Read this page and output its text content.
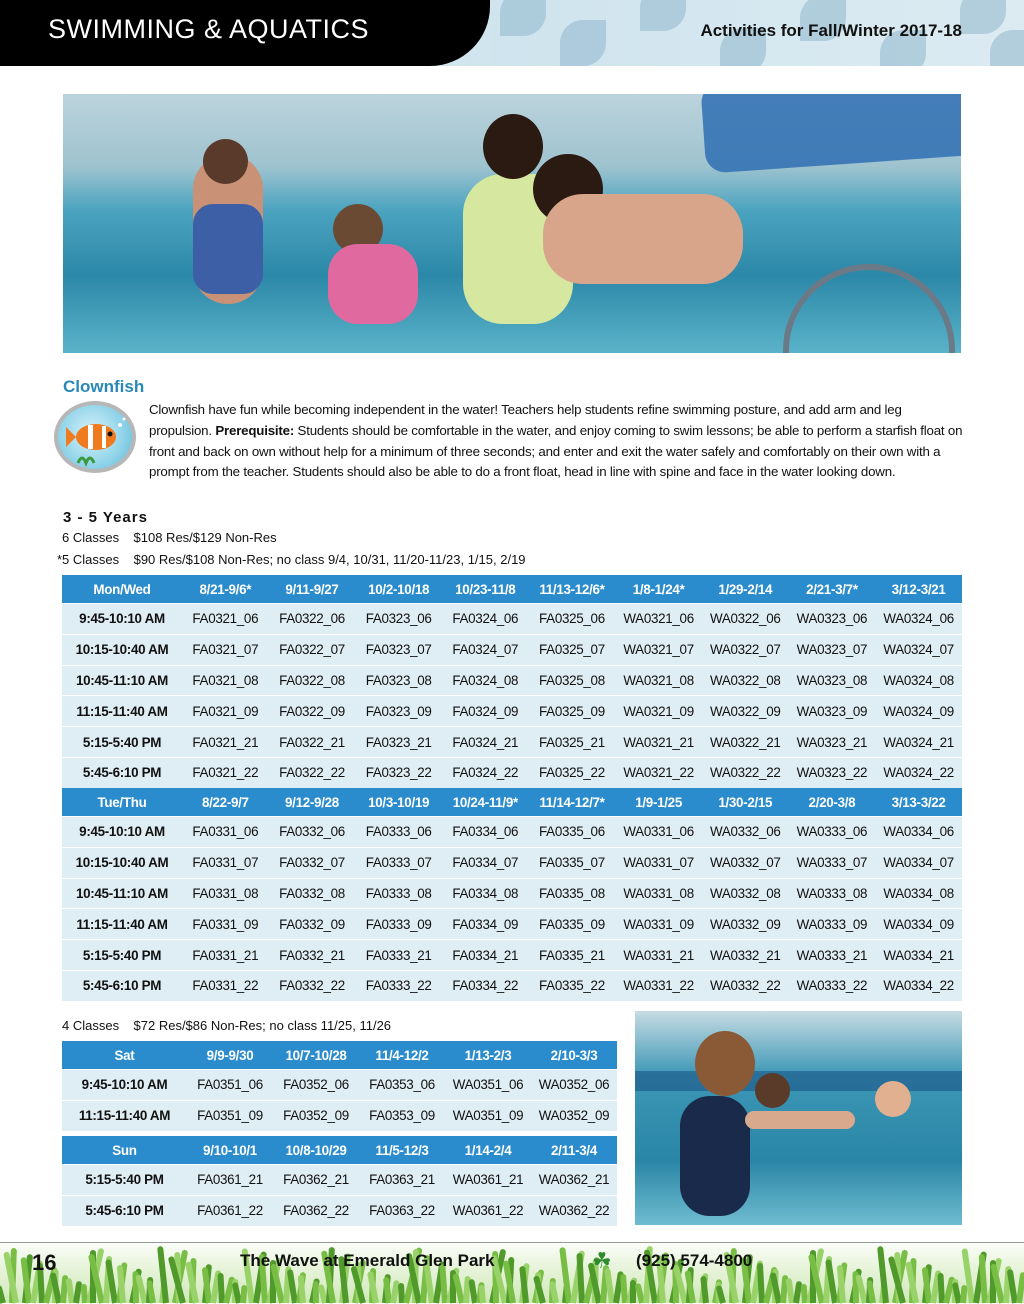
SWIMMING & AQUATICS	Activities for Fall/Winter 2017-18
Clownfish
Clownfish have fun while becoming independent in the water! Teachers help students refine swimming posture, and add arm and leg propulsion. Prerequisite: Students should be comfortable in the water, and enjoy coming to swim lessons; be able to perform a starfish float on front and back on own without help for a minimum of three seconds; and enter and exit the water safely and comfortably on their own with a prompt from the teacher. Students should also be able to do a front float, head in line with spine and face in the water looking down.
3 - 5 Years
6 Classes    $108 Res/$129 Non-Res
*5 Classes    $90 Res/$108 Non-Res; no class 9/4, 10/31, 11/20-11/23, 1/15, 2/19
4 Classes    $72 Res/$86 Non-Res; no class 11/25, 11/26
Mon/Wed	8/21-9/6*	9/11-9/27	10/2-10/18	10/23-11/8	11/13-12/6*	1/8-1/24*	1/29-2/14	2/21-3/7*	3/12-3/21
9:45-10:10 AM	FA0321_06	FA0322_06	FA0323_06	FA0324_06	FA0325_06	WA0321_06	WA0322_06	WA0323_06	WA0324_06
10:15-10:40 AM	FA0321_07	FA0322_07	FA0323_07	FA0324_07	FA0325_07	WA0321_07	WA0322_07	WA0323_07	WA0324_07
10:45-11:10 AM	FA0321_08	FA0322_08	FA0323_08	FA0324_08	FA0325_08	WA0321_08	WA0322_08	WA0323_08	WA0324_08
11:15-11:40 AM	FA0321_09	FA0322_09	FA0323_09	FA0324_09	FA0325_09	WA0321_09	WA0322_09	WA0323_09	WA0324_09
5:15-5:40 PM	FA0321_21	FA0322_21	FA0323_21	FA0324_21	FA0325_21	WA0321_21	WA0322_21	WA0323_21	WA0324_21
5:45-6:10 PM	FA0321_22	FA0322_22	FA0323_22	FA0324_22	FA0325_22	WA0321_22	WA0322_22	WA0323_22	WA0324_22
Tue/Thu	8/22-9/7	9/12-9/28	10/3-10/19	10/24-11/9*	11/14-12/7*	1/9-1/25	1/30-2/15	2/20-3/8	3/13-3/22
9:45-10:10 AM	FA0331_06	FA0332_06	FA0333_06	FA0334_06	FA0335_06	WA0331_06	WA0332_06	WA0333_06	WA0334_06
10:15-10:40 AM	FA0331_07	FA0332_07	FA0333_07	FA0334_07	FA0335_07	WA0331_07	WA0332_07	WA0333_07	WA0334_07
10:45-11:10 AM	FA0331_08	FA0332_08	FA0333_08	FA0334_08	FA0335_08	WA0331_08	WA0332_08	WA0333_08	WA0334_08
11:15-11:40 AM	FA0331_09	FA0332_09	FA0333_09	FA0334_09	FA0335_09	WA0331_09	WA0332_09	WA0333_09	WA0334_09
5:15-5:40 PM	FA0331_21	FA0332_21	FA0333_21	FA0334_21	FA0335_21	WA0331_21	WA0332_21	WA0333_21	WA0334_21
5:45-6:10 PM	FA0331_22	FA0332_22	FA0333_22	FA0334_22	FA0335_22	WA0331_22	WA0332_22	WA0333_22	WA0334_22
Sat	9/9-9/30	10/7-10/28	11/4-12/2	1/13-2/3	2/10-3/3
9:45-10:10 AM	FA0351_06	FA0352_06	FA0353_06	WA0351_06	WA0352_06
11:15-11:40 AM	FA0351_09	FA0352_09	FA0353_09	WA0351_09	WA0352_09
Sun	9/10-10/1	10/8-10/29	11/5-12/3	1/14-2/4	2/11-3/4
5:15-5:40 PM	FA0361_21	FA0362_21	FA0363_21	WA0361_21	WA0362_21
5:45-6:10 PM	FA0361_22	FA0362_22	FA0363_22	WA0361_22	WA0362_22
16	The Wave at Emerald Glen Park	☘ (925) 574-4800
